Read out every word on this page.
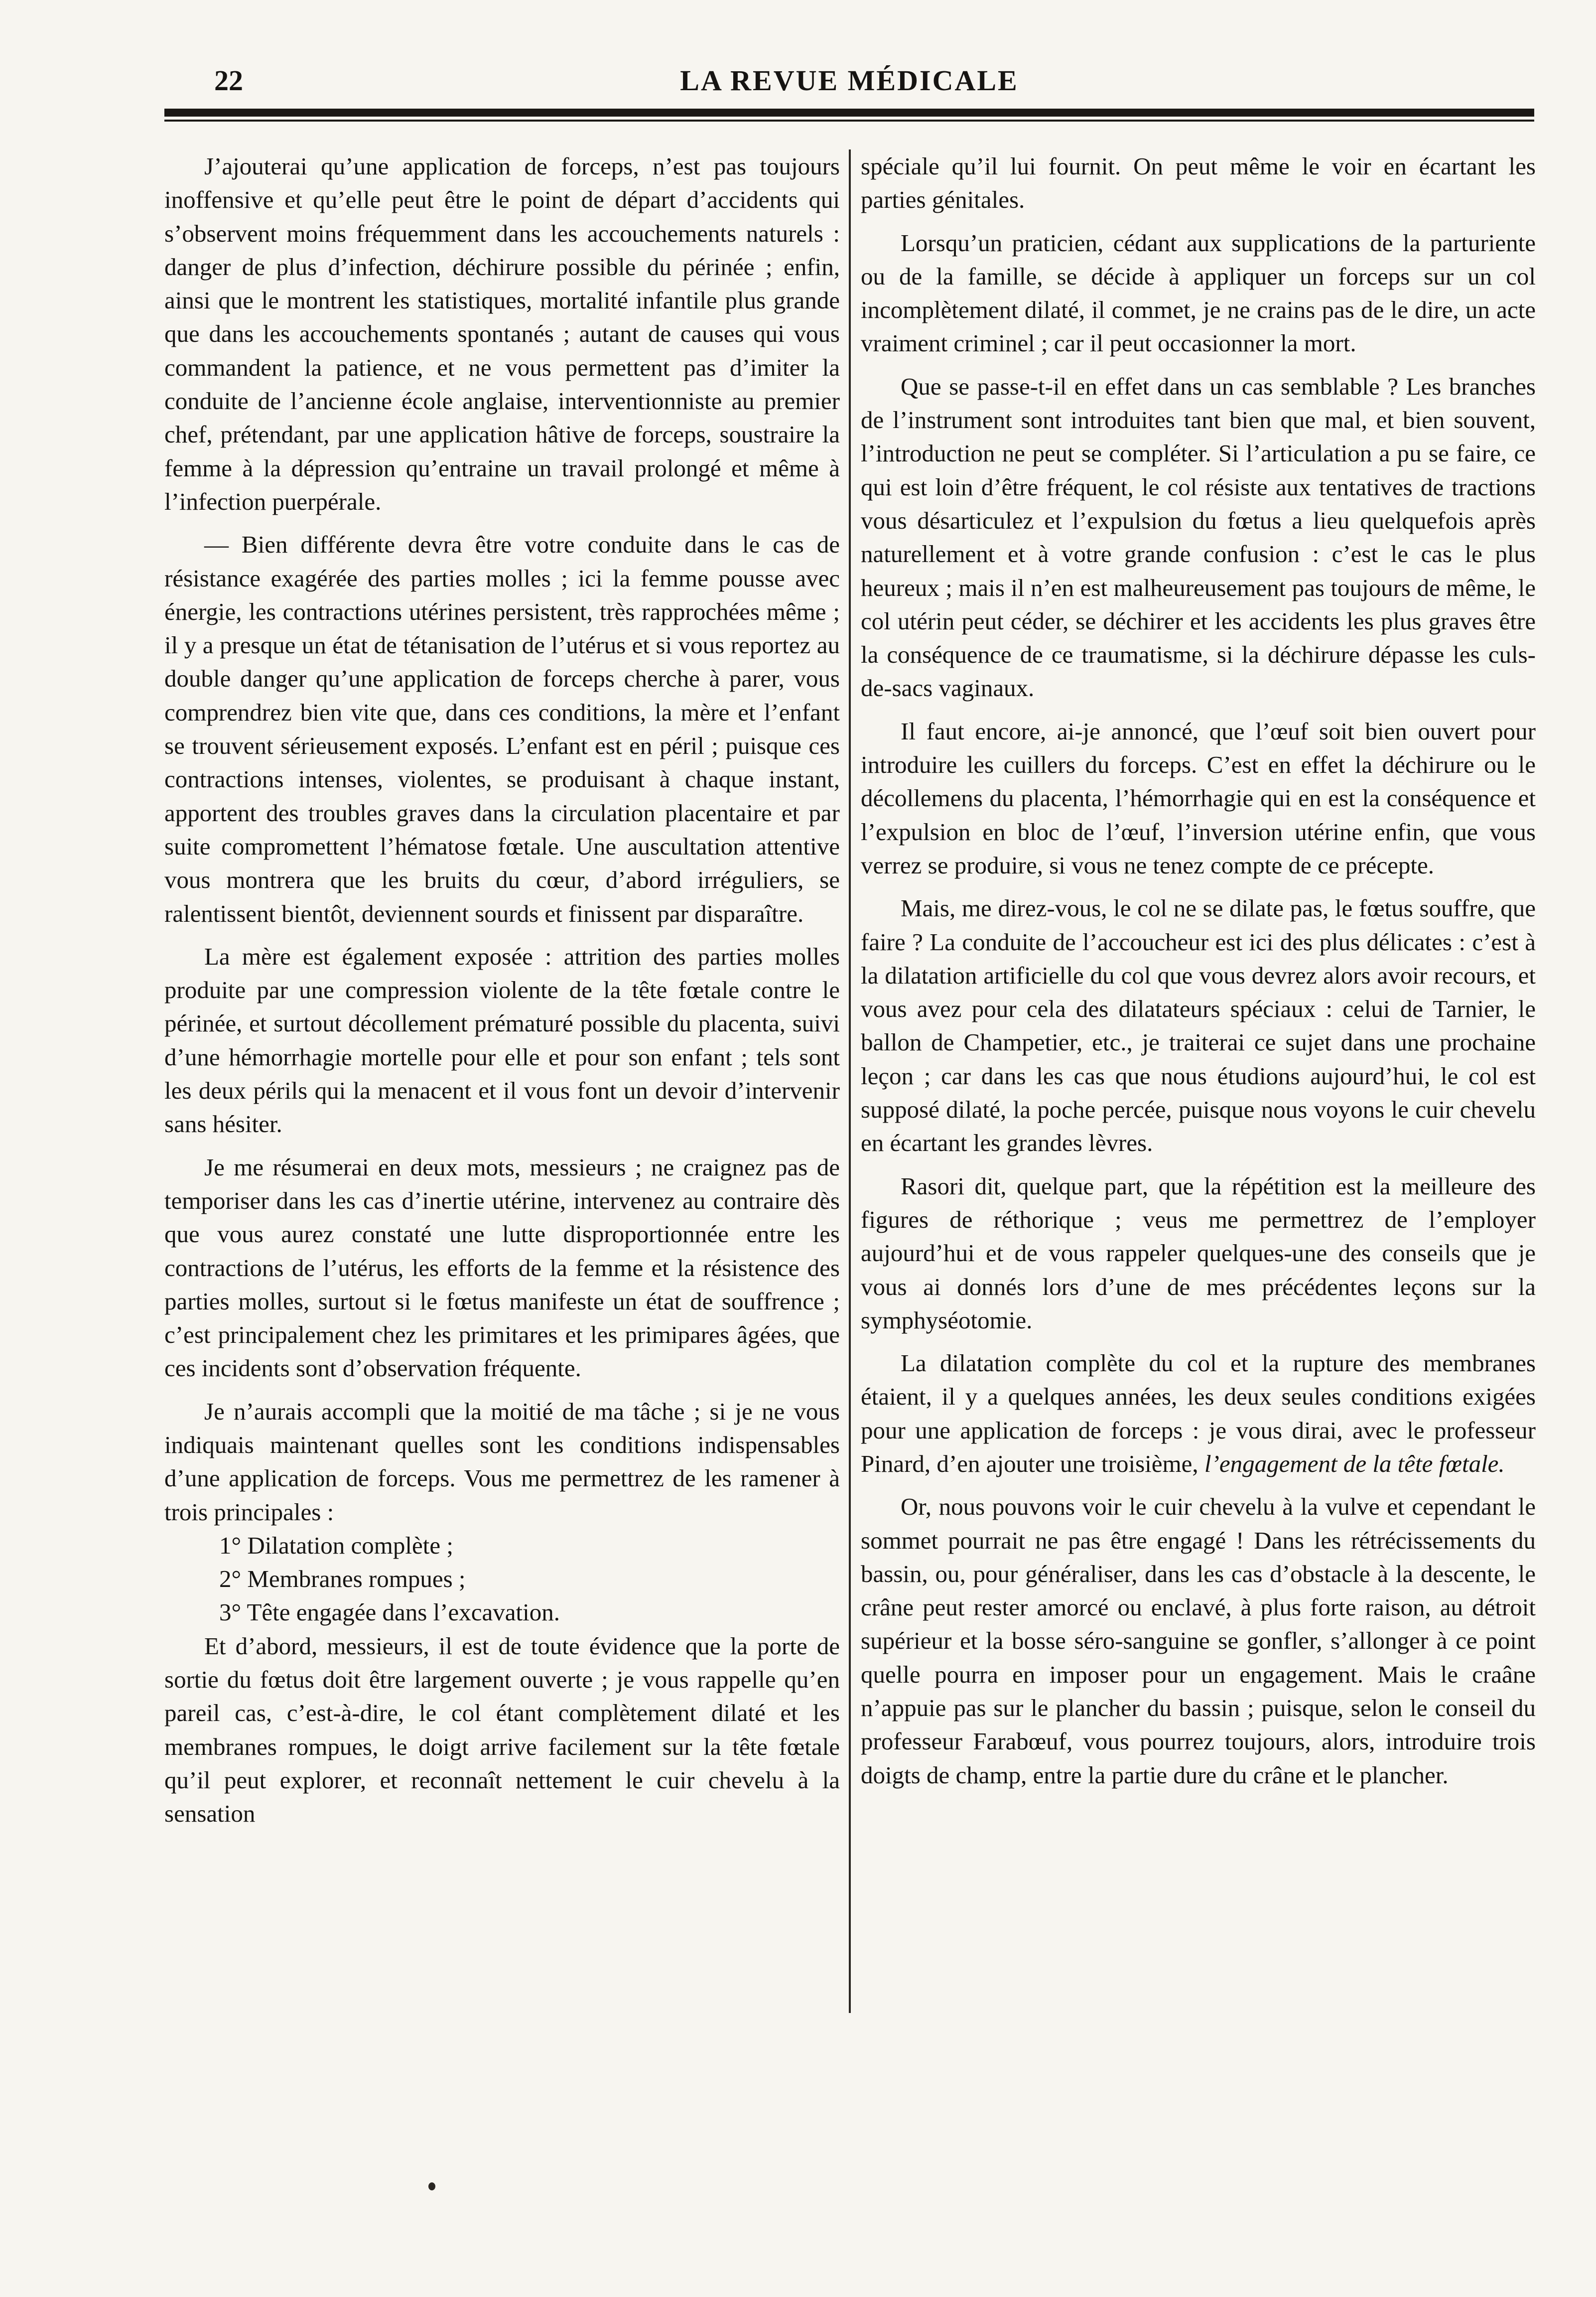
22	LA REVUE MÉDICALE

J’ajouterai qu’une application de forceps, n’est pas toujours inoffensive et qu’elle peut être le point de départ d’accidents qui s’observent moins fréquemment dans les accouchements naturels : danger de plus d’infection, déchirure possible du périnée ; enfin, ainsi que le montrent les statistiques, mortalité infantile plus grande que dans les accouchements spontanés ; autant de causes qui vous commandent la patience, et ne vous permettent pas d’imiter la conduite de l’ancienne école anglaise, interventionniste au premier chef, prétendant, par une application hâtive de forceps, soustraire la femme à la dépression qu’entraine un travail prolongé et même à l’infection puerpérale.

— Bien différente devra être votre conduite dans le cas de résistance exagérée des parties molles ; ici la femme pousse avec énergie, les contractions utérines persistent, très rapprochées même ; il y a presque un état de tétanisation de l’utérus et si vous reportez au double danger qu’une application de forceps cherche à parer, vous comprendrez bien vite que, dans ces conditions, la mère et l’enfant se trouvent sérieusement exposés. L’enfant est en péril ; puisque ces contractions intenses, violentes, se produisant à chaque instant, apportent des troubles graves dans la circulation placentaire et par suite compromettent l’hématose fœtale. Une auscultation attentive vous montrera que les bruits du cœur, d’abord irréguliers, se ralentissent bientôt, deviennent sourds et finissent par disparaître.

La mère est également exposée : attrition des parties molles produite par une compression violente de la tête fœtale contre le périnée, et surtout décollement prématuré possible du placenta, suivi d’une hémorrhagie mortelle pour elle et pour son enfant ; tels sont les deux périls qui la menacent et il vous font un devoir d’intervenir sans hésiter.

Je me résumerai en deux mots, messieurs ; ne craignez pas de temporiser dans les cas d’inertie utérine, intervenez au contraire dès que vous aurez constaté une lutte disproportionnée entre les contractions de l’utérus, les efforts de la femme et la résistence des parties molles, surtout si le fœtus manifeste un état de souffrence ; c’est principalement chez les primitares et les primipares âgées, que ces incidents sont d’observation fréquente.

Je n’aurais accompli que la moitié de ma tâche ; si je ne vous indiquais maintenant quelles sont les conditions indispensables d’une application de forceps. Vous me permettrez de les ramener à trois principales :

1° Dilatation complète ;

2° Membranes rompues ;

3° Tête engagée dans l’excavation.

Et d’abord, messieurs, il est de toute évidence que la porte de sortie du fœtus doit être largement ouverte ; je vous rappelle qu’en pareil cas, c’est-à-dire, le col étant complètement dilaté et les membranes rompues, le doigt arrive facilement sur la tête fœtale qu’il peut explorer, et reconnaît nettement le cuir chevelu à la sensation

spéciale qu’il lui fournit. On peut même le voir en écartant les parties génitales.

Lorsqu’un praticien, cédant aux supplications de la parturiente ou de la famille, se décide à appliquer un forceps sur un col incomplètement dilaté, il commet, je ne crains pas de le dire, un acte vraiment criminel ; car il peut occasionner la mort.

Que se passe-t-il en effet dans un cas semblable ? Les branches de l’instrument sont introduites tant bien que mal, et bien souvent, l’introduction ne peut se compléter. Si l’articulation a pu se faire, ce qui est loin d’être fréquent, le col résiste aux tentatives de tractions vous désarticulez et l’expulsion du fœtus a lieu quelquefois après naturellement et à votre grande confusion : c’est le cas le plus heureux ; mais il n’en est malheureusement pas toujours de même, le col utérin peut céder, se déchirer et les accidents les plus graves être la conséquence de ce traumatisme, si la déchirure dépasse les culs-de-sacs vaginaux.

Il faut encore, ai-je annoncé, que l’œuf soit bien ouvert pour introduire les cuillers du forceps. C’est en effet la déchirure ou le décollemens du placenta, l’hémorrhagie qui en est la conséquence et l’expulsion en bloc de l’œuf, l’inversion utérine enfin, que vous verrez se produire, si vous ne tenez compte de ce précepte.

Mais, me direz-vous, le col ne se dilate pas, le fœtus souffre, que faire ? La conduite de l’accoucheur est ici des plus délicates : c’est à la dilatation artificielle du col que vous devrez alors avoir recours, et vous avez pour cela des dilatateurs spéciaux : celui de Tarnier, le ballon de Champetier, etc., je traiterai ce sujet dans une prochaine leçon ; car dans les cas que nous étudions aujourd’hui, le col est supposé dilaté, la poche percée, puisque nous voyons le cuir chevelu en écartant les grandes lèvres.

Rasori dit, quelque part, que la répétition est la meilleure des figures de réthorique ; veus me permettrez de l’employer aujourd’hui et de vous rappeler quelques-une des conseils que je vous ai donnés lors d’une de mes précédentes leçons sur la symphyséotomie.

La dilatation complète du col et la rupture des membranes étaient, il y a quelques années, les deux seules conditions exigées pour une application de forceps : je vous dirai, avec le professeur Pinard, d’en ajouter une troisième, l’engagement de la tête fœtale.

Or, nous pouvons voir le cuir chevelu à la vulve et cependant le sommet pourrait ne pas être engagé ! Dans les rétrécissements du bassin, ou, pour généraliser, dans les cas d’obstacle à la descente, le crâne peut rester amorcé ou enclavé, à plus forte raison, au détroit supérieur et la bosse séro-sanguine se gonfler, s’allonger à ce point quelle pourra en imposer pour un engagement. Mais le craâne n’appuie pas sur le plancher du bassin ; puisque, selon le conseil du professeur Farabœuf, vous pourrez toujours, alors, introduire trois doigts de champ, entre la partie dure du crâne et le plancher.
